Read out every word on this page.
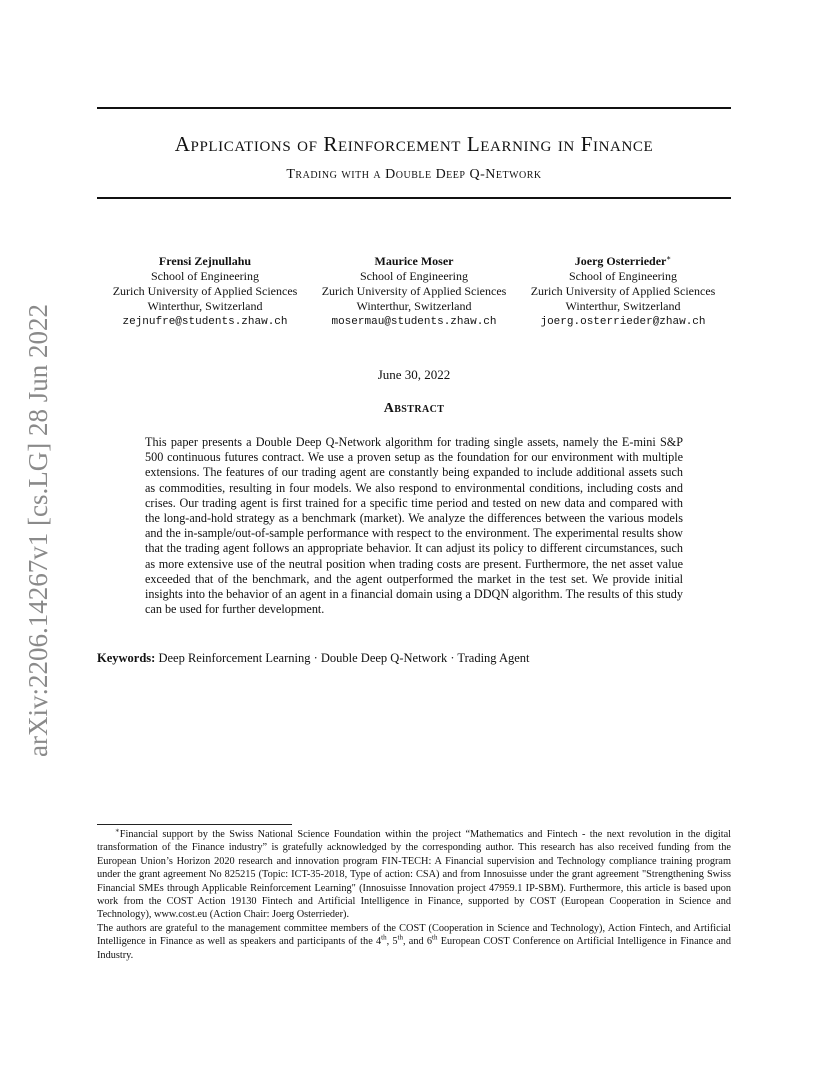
arXiv:2206.14267v1 [cs.LG] 28 Jun 2022
Applications of Reinforcement Learning in Finance
Trading with a Double Deep Q-Network
Frensi Zejnullahu
School of Engineering
Zurich University of Applied Sciences
Winterthur, Switzerland
zejnufre@students.zhaw.ch
Maurice Moser
School of Engineering
Zurich University of Applied Sciences
Winterthur, Switzerland
mosermau@students.zhaw.ch
Joerg Osterrieder∗
School of Engineering
Zurich University of Applied Sciences
Winterthur, Switzerland
joerg.osterrieder@zhaw.ch
June 30, 2022
Abstract
This paper presents a Double Deep Q-Network algorithm for trading single assets, namely the E-mini S&P 500 continuous futures contract. We use a proven setup as the foundation for our environment with multiple extensions. The features of our trading agent are constantly being expanded to include additional assets such as commodities, resulting in four models. We also respond to environmental conditions, including costs and crises. Our trading agent is first trained for a specific time period and tested on new data and compared with the long-and-hold strategy as a benchmark (market). We analyze the differences between the various models and the in-sample/out-of-sample performance with respect to the environment. The experimental results show that the trading agent follows an appropriate behavior. It can adjust its policy to different circumstances, such as more extensive use of the neutral position when trading costs are present. Furthermore, the net asset value exceeded that of the benchmark, and the agent outperformed the market in the test set. We provide initial insights into the behavior of an agent in a financial domain using a DDQN algorithm. The results of this study can be used for further development.
Keywords: Deep Reinforcement Learning · Double Deep Q-Network · Trading Agent

∗Financial support by the Swiss National Science Foundation within the project “Mathematics and Fintech - the next revolution in the digital transformation of the Finance industry” is gratefully acknowledged by the corresponding author. This research has also received funding from the European Union’s Horizon 2020 research and innovation program FIN-TECH: A Financial supervision and Technology compliance training program under the grant agreement No 825215 (Topic: ICT-35-2018, Type of action: CSA) and from Innosuisse under the grant agreement "Strengthening Swiss Financial SMEs through Applicable Reinforcement Learning" (Innosuisse Innovation project 47959.1 IP-SBM). Furthermore, this article is based upon work from the COST Action 19130 Fintech and Artificial Intelligence in Finance, supported by COST (European Cooperation in Science and Technology), www.cost.eu (Action Chair: Joerg Osterrieder).

The authors are grateful to the management committee members of the COST (Cooperation in Science and Technology), Action Fintech, and Artificial Intelligence in Finance as well as speakers and participants of the 4th, 5th, and 6th European COST Conference on Artificial Intelligence in Finance and Industry.
